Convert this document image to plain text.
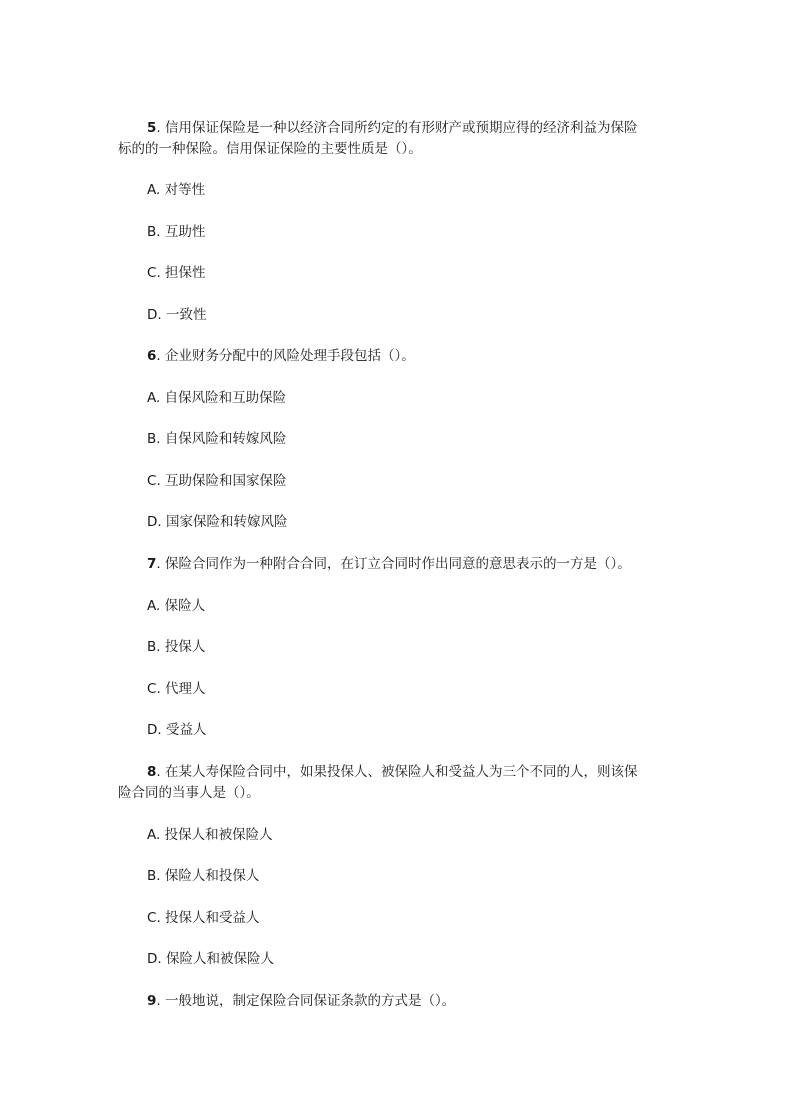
5. 信用保证保险是一种以经济合同所约定的有形财产或预期应得的经济利益为保险
标的的一种保险。信用保证保险的主要性质是（）。
A. 对等性
B. 互助性
C. 担保性
D. 一致性
6. 企业财务分配中的风险处理手段包括（）。
A. 自保风险和互助保险
B. 自保风险和转嫁风险
C. 互助保险和国家保险
D. 国家保险和转嫁风险
7. 保险合同作为一种附合合同，在订立合同时作出同意的意思表示的一方是（）。
A. 保险人
B. 投保人
C. 代理人
D. 受益人
8. 在某人寿保险合同中，如果投保人、被保险人和受益人为三个不同的人，则该保
险合同的当事人是（）。
A. 投保人和被保险人
B. 保险人和投保人
C. 投保人和受益人
D. 保险人和被保险人
9. 一般地说，制定保险合同保证条款的方式是（）。
